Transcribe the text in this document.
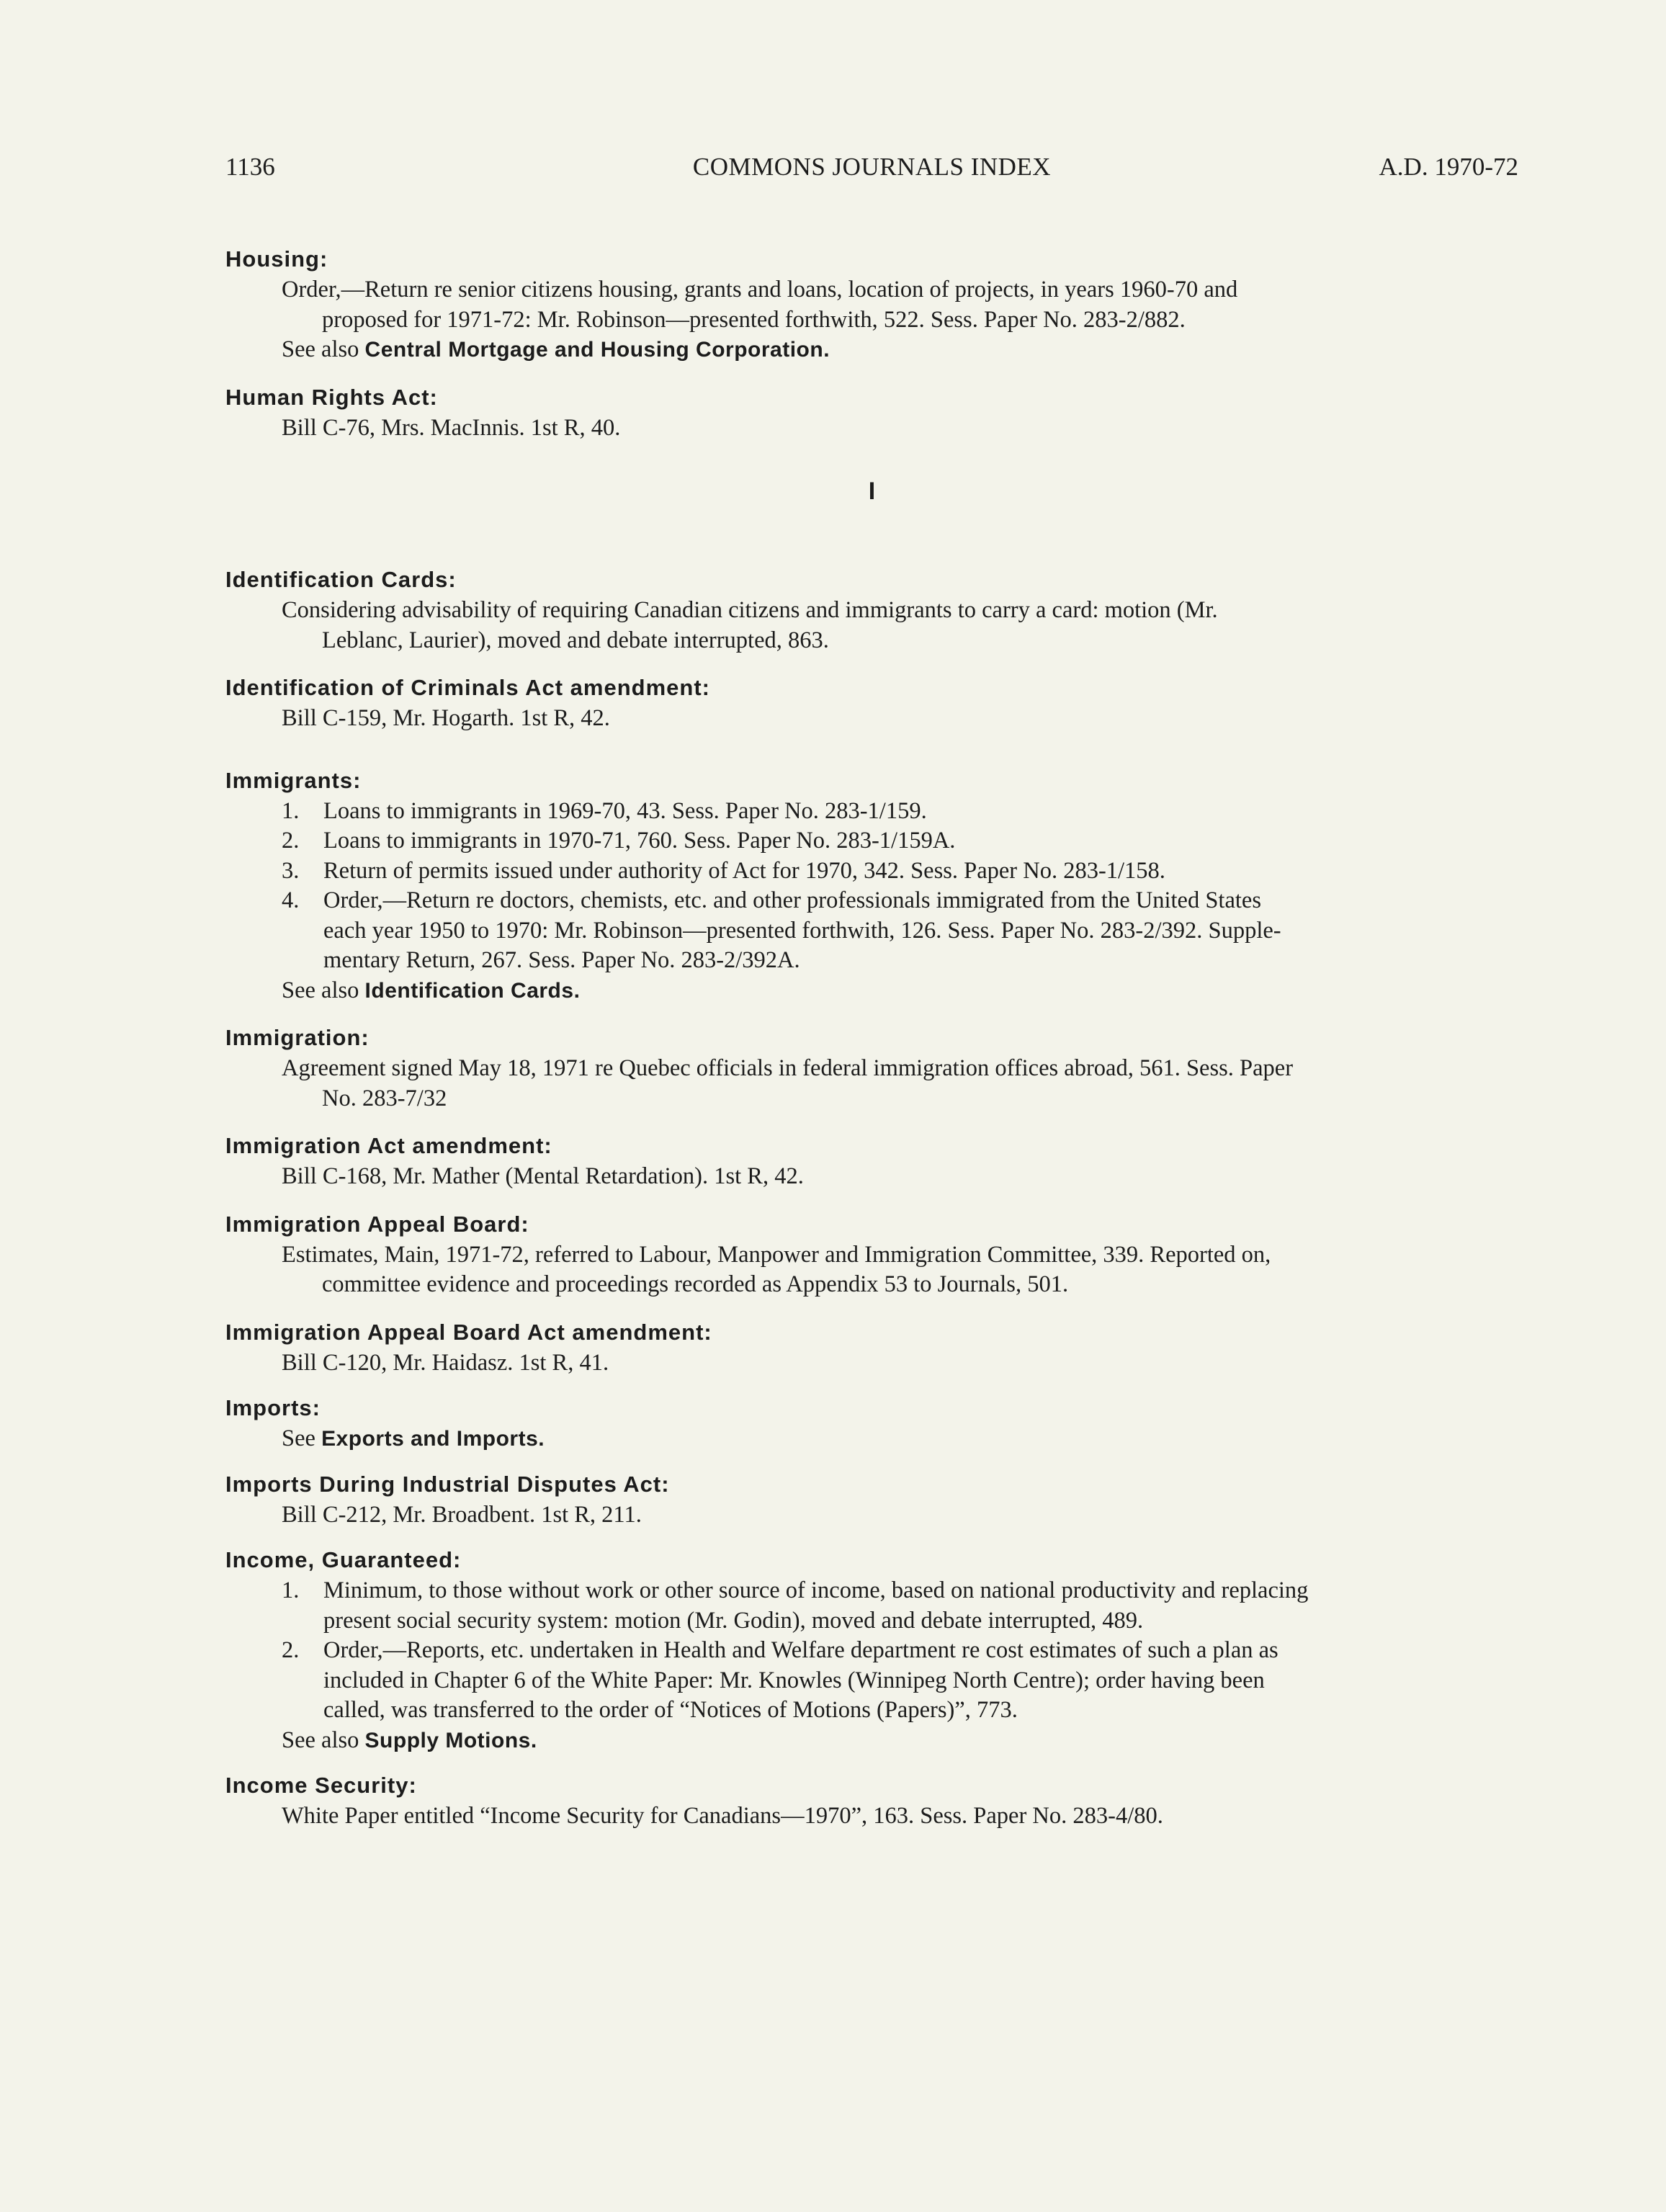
1136	COMMONS JOURNALS INDEX	A.D. 1970-72

Housing:

Order,—Return re senior citizens housing, grants and loans, location of projects, in years 1960-70 and

proposed for 1971-72: Mr. Robinson—presented forthwith, 522. Sess. Paper No. 283-2/882.

See also Central Mortgage and Housing Corporation.

Human Rights Act:

Bill C-76, Mrs. MacInnis. 1st R, 40.

I

Identification Cards:

Considering advisability of requiring Canadian citizens and immigrants to carry a card: motion (Mr.

Leblanc, Laurier), moved and debate interrupted, 863.

Identification of Criminals Act amendment:

Bill C-159, Mr. Hogarth. 1st R, 42.

Immigrants:

1.	Loans to immigrants in 1969-70, 43. Sess. Paper No. 283-1/159.
2.	Loans to immigrants in 1970-71, 760. Sess. Paper No. 283-1/159A.
3.	Return of permits issued under authority of Act for 1970, 342. Sess. Paper No. 283-1/158.
4.	Order,—Return re doctors, chemists, etc. and other professionals immigrated from the United States
each year 1950 to 1970: Mr. Robinson—presented forthwith, 126. Sess. Paper No. 283-2/392. Supple-
mentary Return, 267. Sess. Paper No. 283-2/392A.

See also Identification Cards.

Immigration:

Agreement signed May 18, 1971 re Quebec officials in federal immigration offices abroad, 561. Sess. Paper

No. 283-7/32

Immigration Act amendment:

Bill C-168, Mr. Mather (Mental Retardation). 1st R, 42.

Immigration Appeal Board:

Estimates, Main, 1971-72, referred to Labour, Manpower and Immigration Committee, 339. Reported on,

committee evidence and proceedings recorded as Appendix 53 to Journals, 501.

Immigration Appeal Board Act amendment:

Bill C-120, Mr. Haidasz. 1st R, 41.

Imports:

See Exports and Imports.

Imports During Industrial Disputes Act:

Bill C-212, Mr. Broadbent. 1st R, 211.

Income, Guaranteed:

1.	Minimum, to those without work or other source of income, based on national productivity and replacing
present social security system: motion (Mr. Godin), moved and debate interrupted, 489.
2.	Order,—Reports, etc. undertaken in Health and Welfare department re cost estimates of such a plan as
included in Chapter 6 of the White Paper: Mr. Knowles (Winnipeg North Centre); order having been
called, was transferred to the order of “Notices of Motions (Papers)”, 773.

See also Supply Motions.

Income Security:

White Paper entitled “Income Security for Canadians—1970”, 163. Sess. Paper No. 283-4/80.
